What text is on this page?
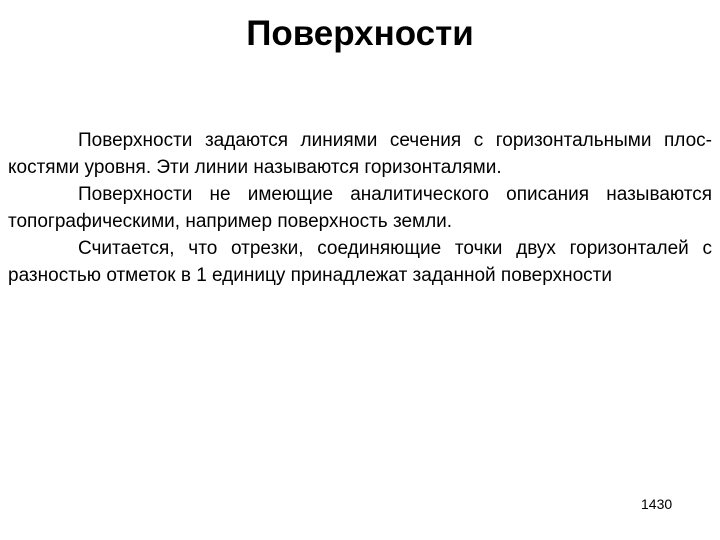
Поверхности

Поверхности задаются линиями сечения с горизонтальными плос-костями уровня. Эти линии называются горизонталями.

Поверхности не имеющие аналитического описания называются топографическими, например поверхность земли.

Считается, что отрезки, соединяющие точки двух горизонталей с разностью отметок в 1 единицу принадлежат заданной поверхности

1430
